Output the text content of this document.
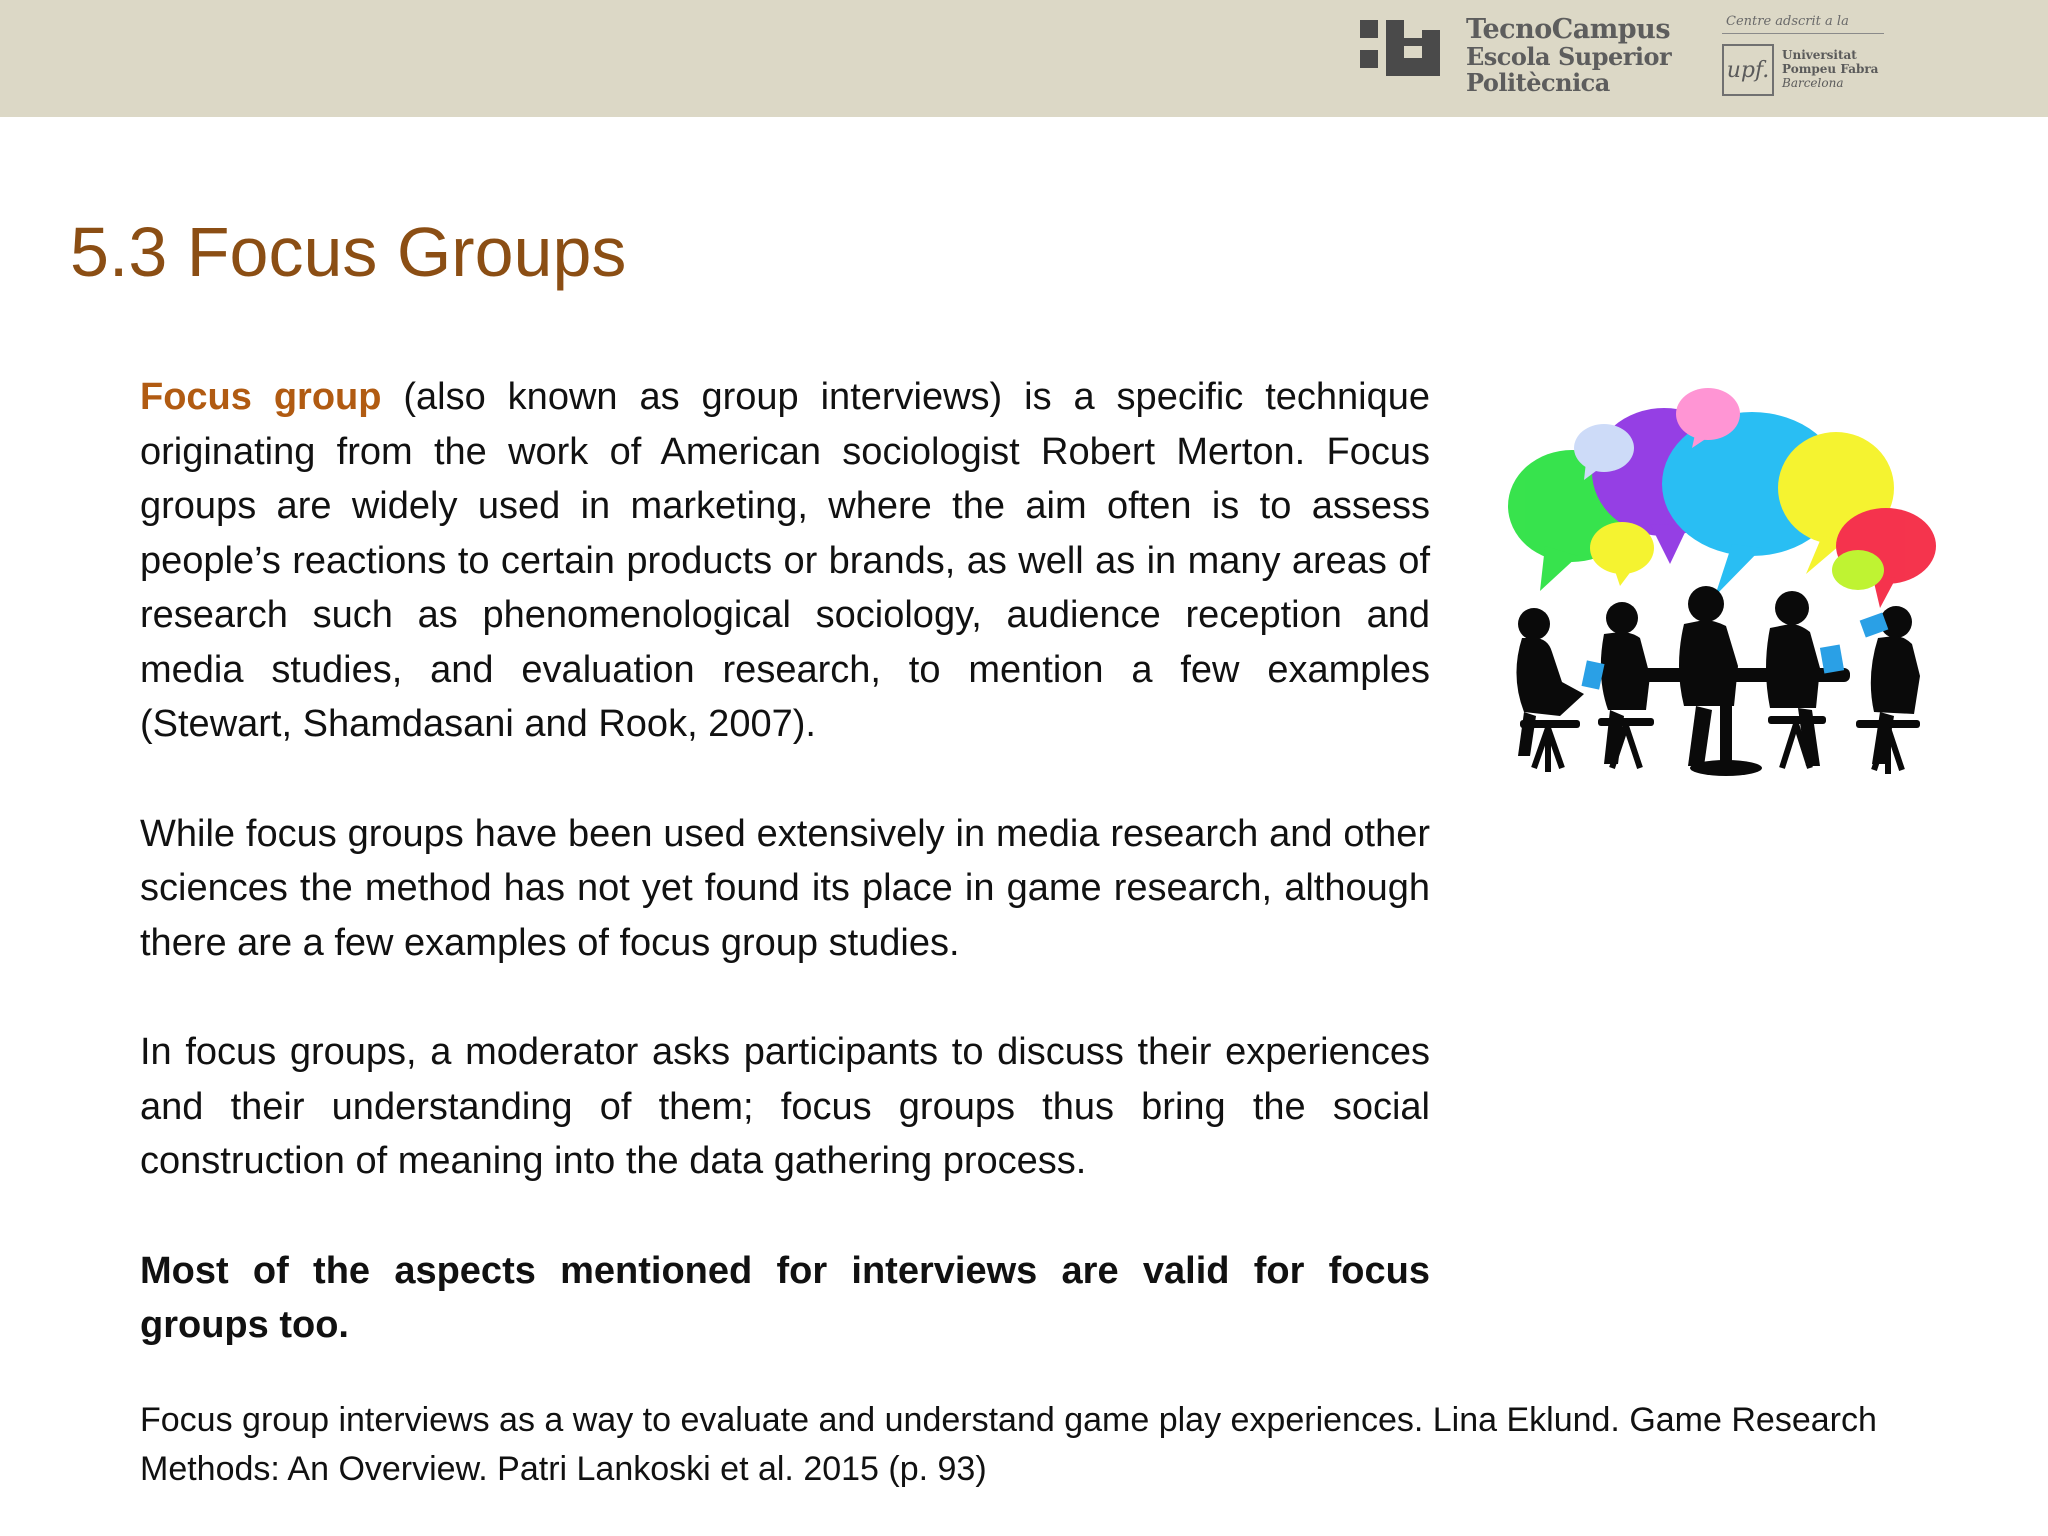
TecnoCampus
Escola Superior
Politècnica
Centre adscrit a la
upf.
Universitat
Pompeu Fabra
Barcelona
5.3 Focus Groups

Focus group (also known as group interviews) is a specific technique originating from the work of American sociologist Robert Merton. Focus groups are widely used in marketing, where the aim often is to assess people’s reactions to certain products or brands, as well as in many areas of research such as phenomenological sociology, audience reception and media studies, and evaluation research, to mention a few examples (Stewart, Shamdasani and Rook, 2007).

While focus groups have been used extensively in media research and other sciences the method has not yet found its place in game research, although there are a few examples of focus group studies.

In focus groups, a moderator asks participants to discuss their experiences and their understanding of them; focus groups thus bring the social construction of meaning into the data gathering process.

Most of the aspects mentioned for interviews are valid for focus groups too.

Focus group interviews as a way to evaluate and understand game play experiences. Lina Eklund. Game Research Methods: An Overview. Patri Lankoski et al. 2015 (p. 93)
